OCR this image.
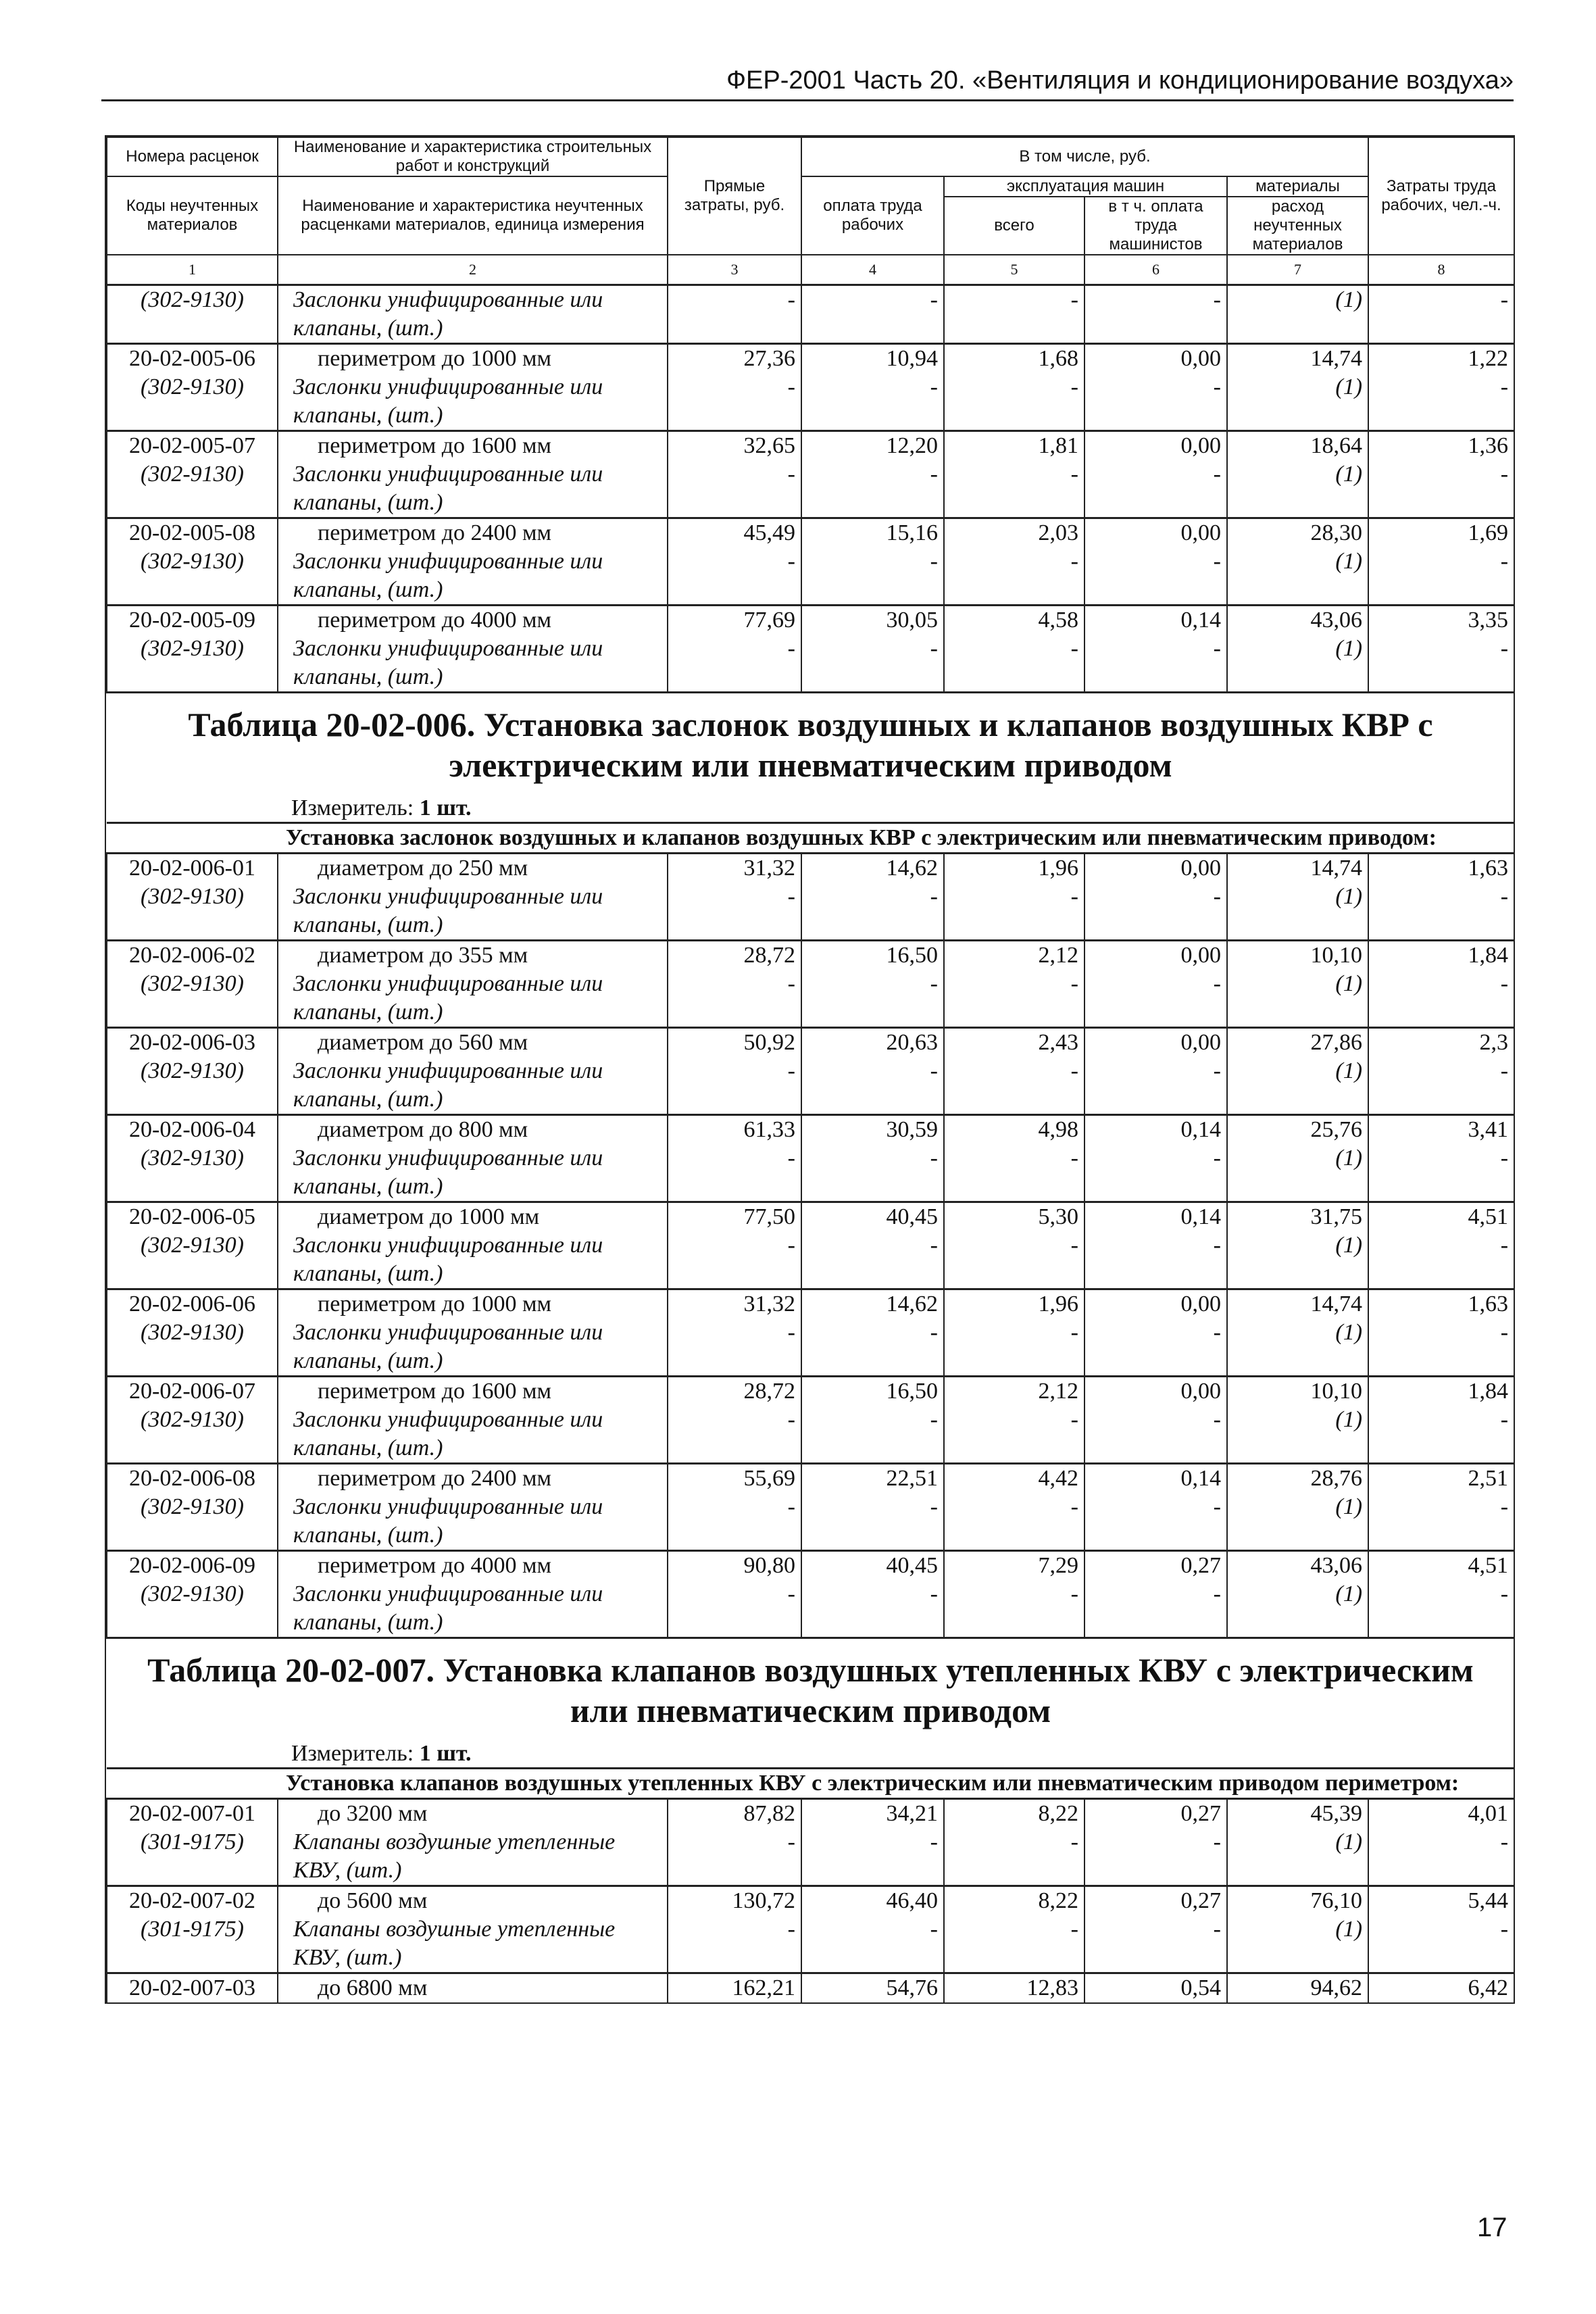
ФЕР-2001 Часть 20. «Вентиляция и кондиционирование воздуха»
Номера расценок	Наименование и характеристика строительных работ и конструкций	Прямые затраты, руб.	В том числе, руб.				Затраты труда рабочих, чел.-ч.
Коды неучтенных материалов	Наименование и характеристика неучтенных расценками материалов, единица измерения		оплата труда рабочих	эксплуатация машин		материалы	
				всего	в т ч. оплата труда машинистов	расход неучтенных материалов	
1	2	3	4	5	6	7	8
(302-9130)	Заслонки унифицированные или клапаны, (шт.)	-	-	-	-	(1)	-
20-02-005-06	периметром до 1000 мм	27,36	10,94	1,68	0,00	14,74	1,22
(302-9130)	Заслонки унифицированные или клапаны, (шт.)	-	-	-	-	(1)	-
20-02-005-07	периметром до 1600 мм	32,65	12,20	1,81	0,00	18,64	1,36
(302-9130)	Заслонки унифицированные или клапаны, (шт.)	-	-	-	-	(1)	-
20-02-005-08	периметром до 2400 мм	45,49	15,16	2,03	0,00	28,30	1,69
(302-9130)	Заслонки унифицированные или клапаны, (шт.)	-	-	-	-	(1)	-
20-02-005-09	периметром до 4000 мм	77,69	30,05	4,58	0,14	43,06	3,35
(302-9130)	Заслонки унифицированные или клапаны, (шт.)	-	-	-	-	(1)	-

Таблица 20-02-006. Установка заслонок воздушных и клапанов воздушных КВР с электрическим или пневматическим приводом
Измеритель: 1 шт.							

Установка заслонок воздушных и клапанов воздушных КВР с электрическим или пневматическим приводом:							
20-02-006-01	диаметром до 250 мм	31,32	14,62	1,96	0,00	14,74	1,63
(302-9130)	Заслонки унифицированные или клапаны, (шт.)	-	-	-	-	(1)	-
20-02-006-02	диаметром до 355 мм	28,72	16,50	2,12	0,00	10,10	1,84
(302-9130)	Заслонки унифицированные или клапаны, (шт.)	-	-	-	-	(1)	-
20-02-006-03	диаметром до 560 мм	50,92	20,63	2,43	0,00	27,86	2,3
(302-9130)	Заслонки унифицированные или клапаны, (шт.)	-	-	-	-	(1)	-
20-02-006-04	диаметром до 800 мм	61,33	30,59	4,98	0,14	25,76	3,41
(302-9130)	Заслонки унифицированные или клапаны, (шт.)	-	-	-	-	(1)	-
20-02-006-05	диаметром до 1000 мм	77,50	40,45	5,30	0,14	31,75	4,51
(302-9130)	Заслонки унифицированные или клапаны, (шт.)	-	-	-	-	(1)	-
20-02-006-06	периметром до 1000 мм	31,32	14,62	1,96	0,00	14,74	1,63
(302-9130)	Заслонки унифицированные или клапаны, (шт.)	-	-	-	-	(1)	-
20-02-006-07	периметром до 1600 мм	28,72	16,50	2,12	0,00	10,10	1,84
(302-9130)	Заслонки унифицированные или клапаны, (шт.)	-	-	-	-	(1)	-
20-02-006-08	периметром до 2400 мм	55,69	22,51	4,42	0,14	28,76	2,51
(302-9130)	Заслонки унифицированные или клапаны, (шт.)	-	-	-	-	(1)	-
20-02-006-09	периметром до 4000 мм	90,80	40,45	7,29	0,27	43,06	4,51
(302-9130)	Заслонки унифицированные или клапаны, (шт.)	-	-	-	-	(1)	-

Таблица 20-02-007. Установка клапанов воздушных утепленных КВУ с электрическим или пневматическим приводом
Измеритель: 1 шт.							

Установка клапанов воздушных утепленных КВУ с электрическим или пневматическим приводом периметром:							
20-02-007-01	до 3200 мм	87,82	34,21	8,22	0,27	45,39	4,01
(301-9175)	Клапаны воздушные утепленные КВУ, (шт.)	-	-	-	-	(1)	-
20-02-007-02	до 5600 мм	130,72	46,40	8,22	0,27	76,10	5,44
(301-9175)	Клапаны воздушные утепленные КВУ, (шт.)	-	-	-	-	(1)	-
20-02-007-03	до 6800 мм	162,21	54,76	12,83	0,54	94,62	6,42
17
